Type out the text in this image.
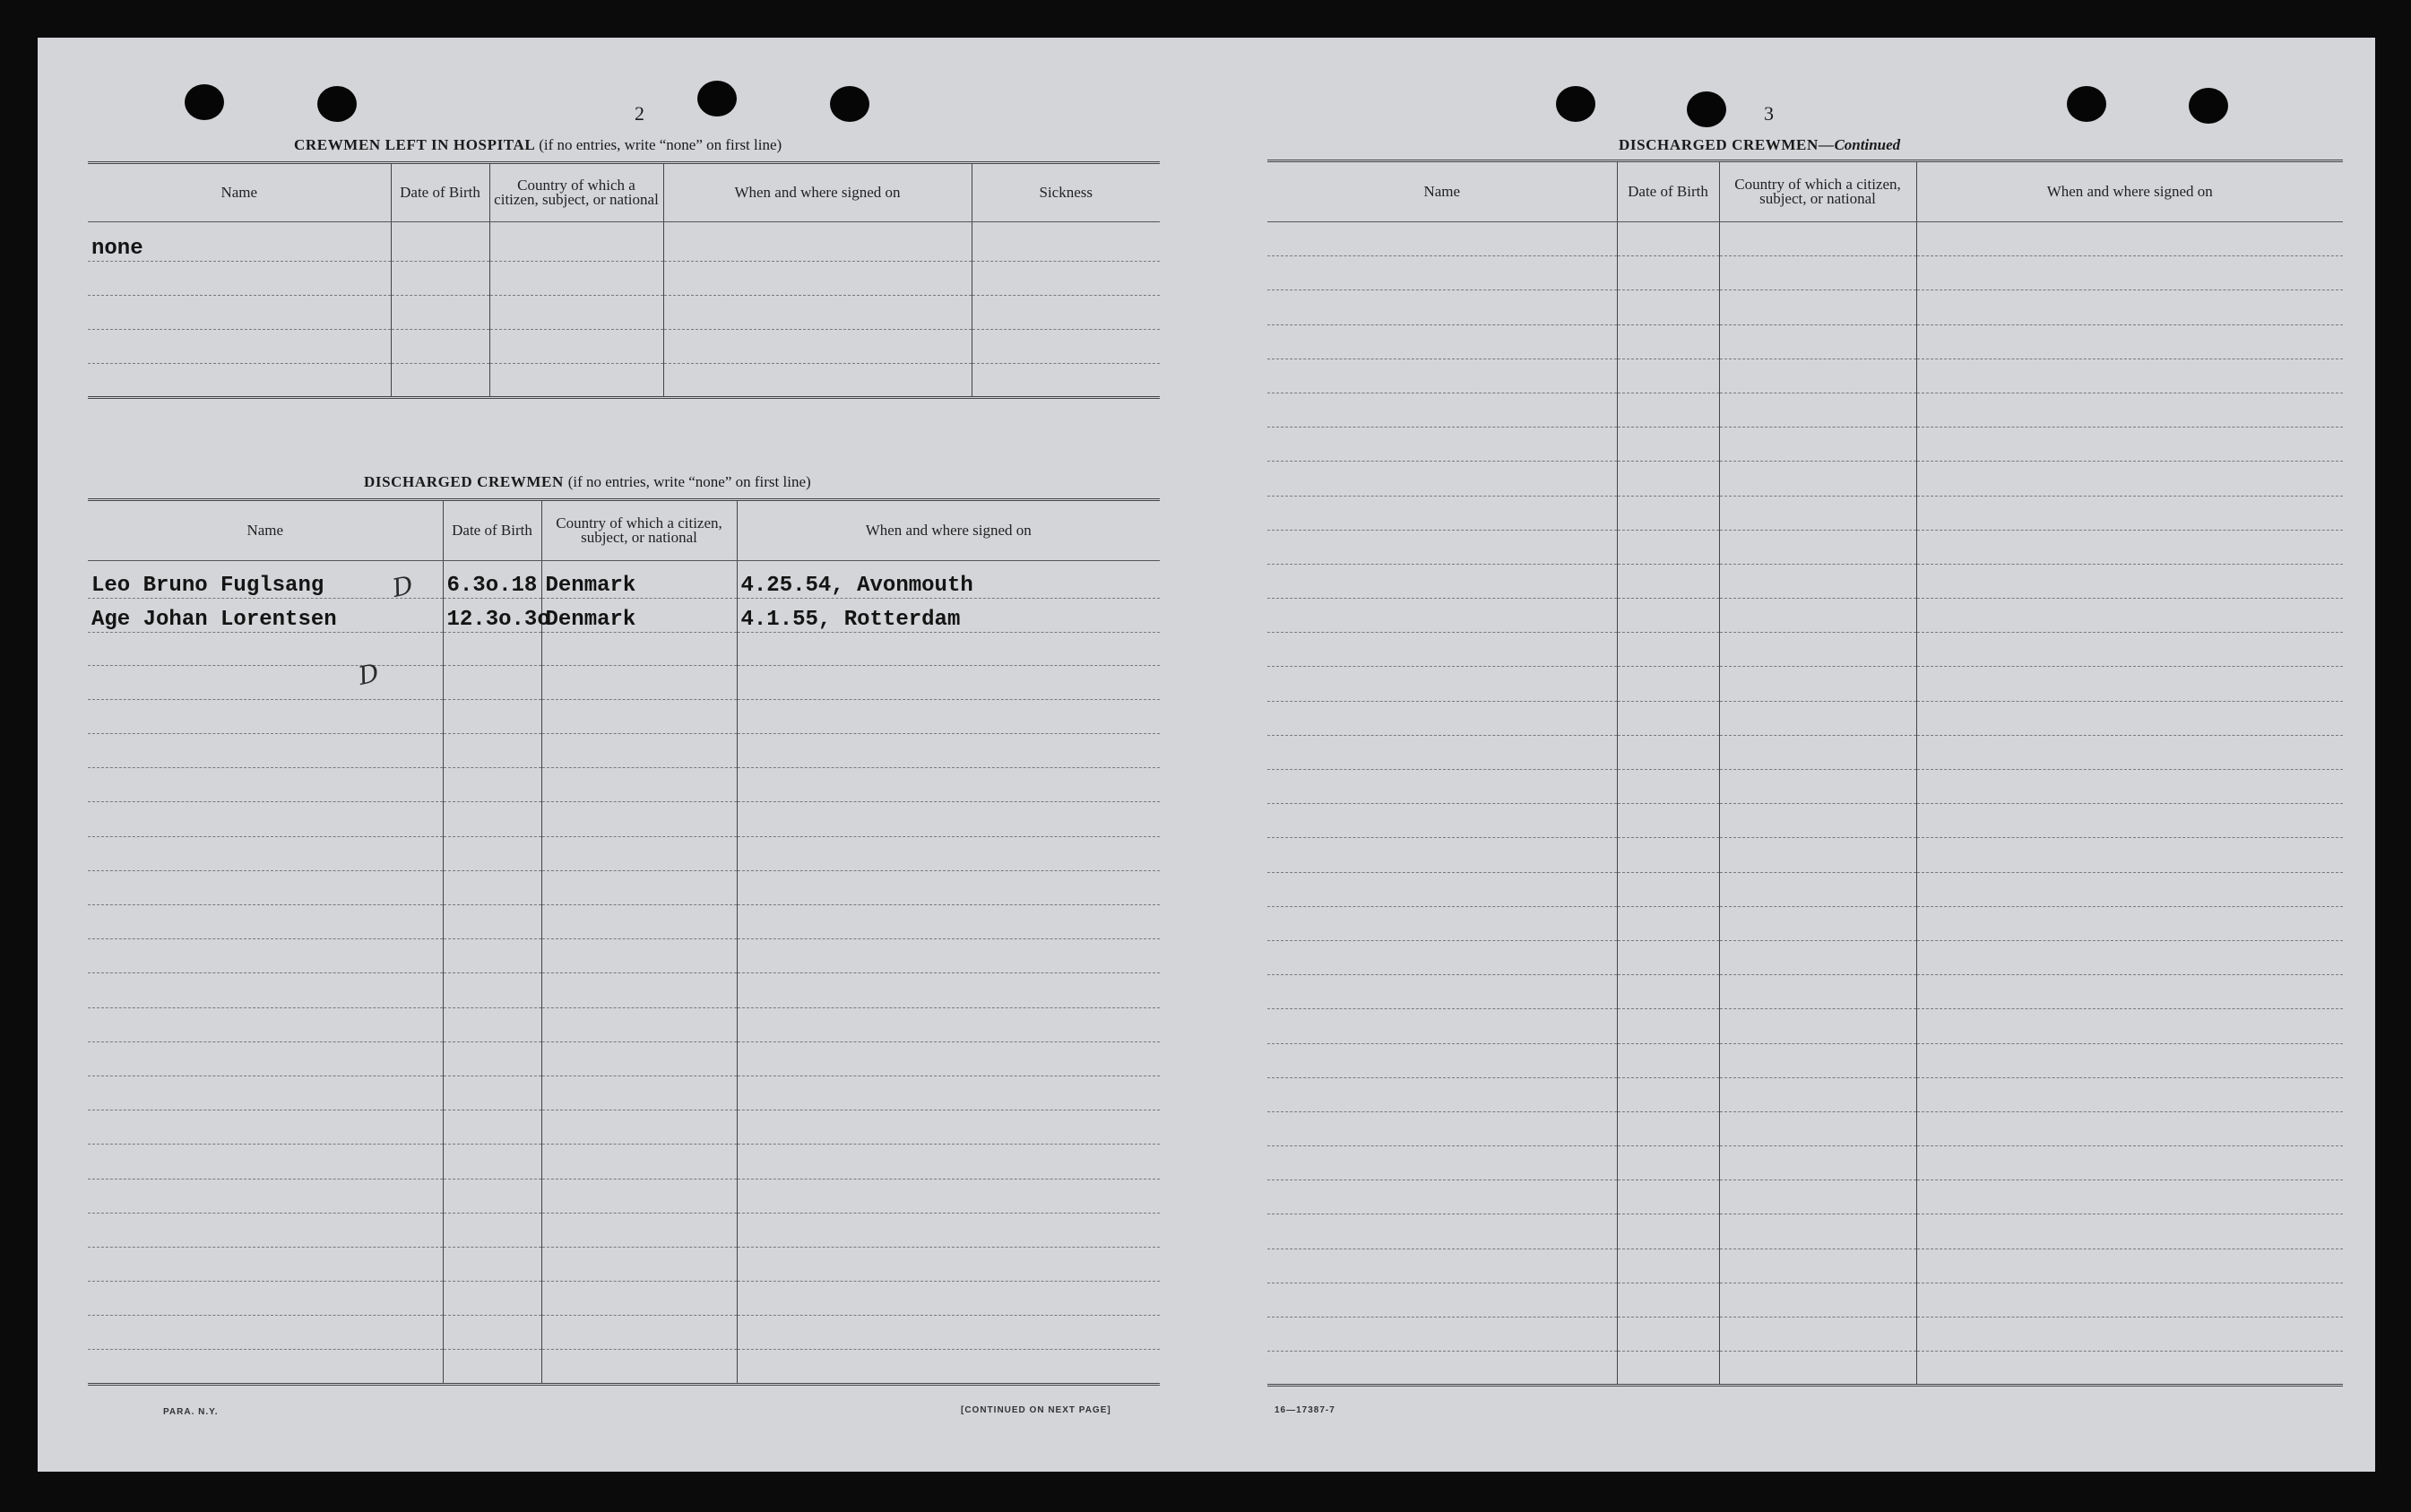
2
CREWMEN LEFT IN HOSPITAL (if no entries, write “none” on first line)
Name	Date of Birth	Country of which a citizen, subject, or national	When and where signed on	Sickness
none				

DISCHARGED CREWMEN (if no entries, write “none” on first line)
Name	Date of Birth	Country of which a citizen, subject, or national	When and where signed on
Leo Bruno Fuglsang	6.3o.18	Denmark	4.25.54, Avonmouth
Age Johan Lorentsen	12.3o.3o	Denmark	4.1.55, Rotterdam

D
D
PARA. N.Y.	[CONTINUED ON NEXT PAGE]
3
DISCHARGED CREWMEN—Continued
Name	Date of Birth	Country of which a citizen, subject, or national	When and where signed on

16—17387-7
